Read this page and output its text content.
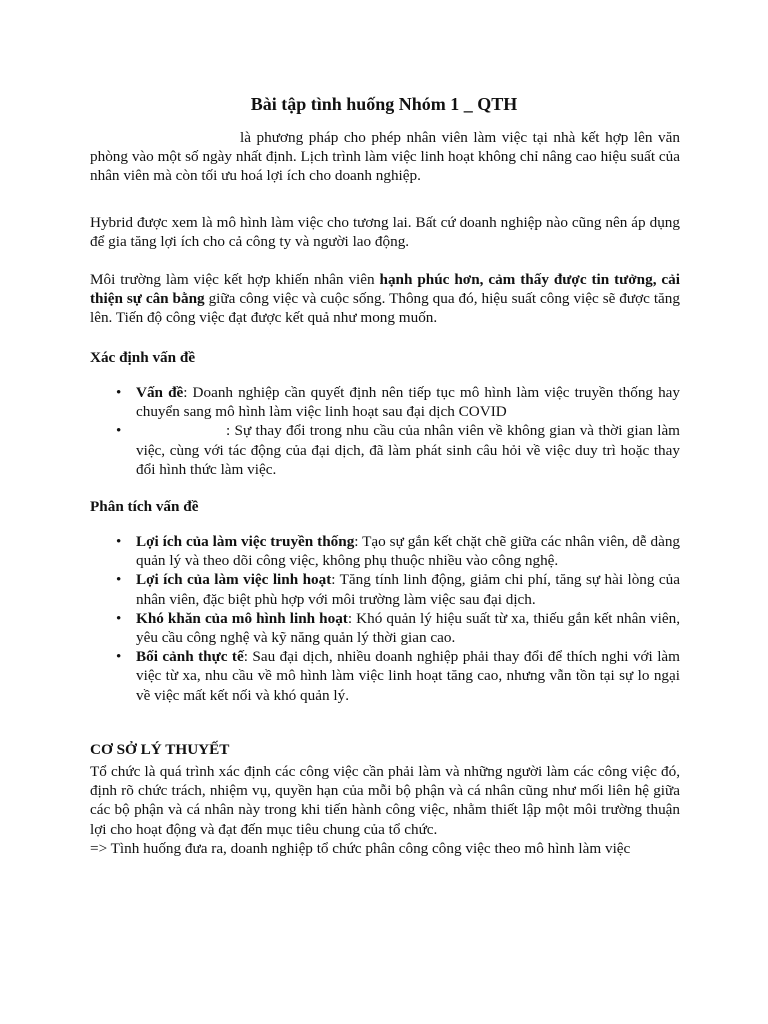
Bài tập tình huống Nhóm 1 _ QTH
là phương pháp cho phép nhân viên làm việc tại nhà kết hợp lên văn phòng vào một số ngày nhất định. Lịch trình làm việc linh hoạt không chỉ nâng cao hiệu suất của nhân viên mà còn tối ưu hoá lợi ích cho doanh nghiệp.
Hybrid được xem là mô hình làm việc cho tương lai. Bất cứ doanh nghiệp nào cũng nên áp dụng để gia tăng lợi ích cho cả công ty và người lao động.
Môi trường làm việc kết hợp khiến nhân viên hạnh phúc hơn, cảm thấy được tin tưởng, cải thiện sự cân bằng giữa công việc và cuộc sống. Thông qua đó, hiệu suất công việc sẽ được tăng lên. Tiến độ công việc đạt được kết quả như mong muốn.
Xác định vấn đề
• Vấn đề: Doanh nghiệp cần quyết định nên tiếp tục mô hình làm việc truyền thống hay chuyển sang mô hình làm việc linh hoạt sau đại dịch COVID
• : Sự thay đổi trong nhu cầu của nhân viên về không gian và thời gian làm việc, cùng với tác động của đại dịch, đã làm phát sinh câu hỏi về việc duy trì hoặc thay đổi hình thức làm việc.
Phân tích vấn đề
• Lợi ích của làm việc truyền thống: Tạo sự gắn kết chặt chẽ giữa các nhân viên, dễ dàng quản lý và theo dõi công việc, không phụ thuộc nhiều vào công nghệ.
• Lợi ích của làm việc linh hoạt: Tăng tính linh động, giảm chi phí, tăng sự hài lòng của nhân viên, đặc biệt phù hợp với môi trường làm việc sau đại dịch.
• Khó khăn của mô hình linh hoạt: Khó quản lý hiệu suất từ xa, thiếu gắn kết nhân viên, yêu cầu công nghệ và kỹ năng quản lý thời gian cao.
• Bối cảnh thực tế: Sau đại dịch, nhiều doanh nghiệp phải thay đổi để thích nghi với làm việc từ xa, nhu cầu về mô hình làm việc linh hoạt tăng cao, nhưng vẫn tồn tại sự lo ngại về việc mất kết nối và khó quản lý.
CƠ SỞ LÝ THUYẾT
Tổ chức là quá trình xác định các công việc cần phải làm và những người làm các công việc đó, định rõ chức trách, nhiệm vụ, quyền hạn của mỗi bộ phận và cá nhân cũng như mối liên hệ giữa các bộ phận và cá nhân này trong khi tiến hành công việc, nhằm thiết lập một môi trường thuận lợi cho hoạt động và đạt đến mục tiêu chung của tổ chức.
=> Tình huống đưa ra, doanh nghiệp tổ chức phân công công việc theo mô hình làm việc
